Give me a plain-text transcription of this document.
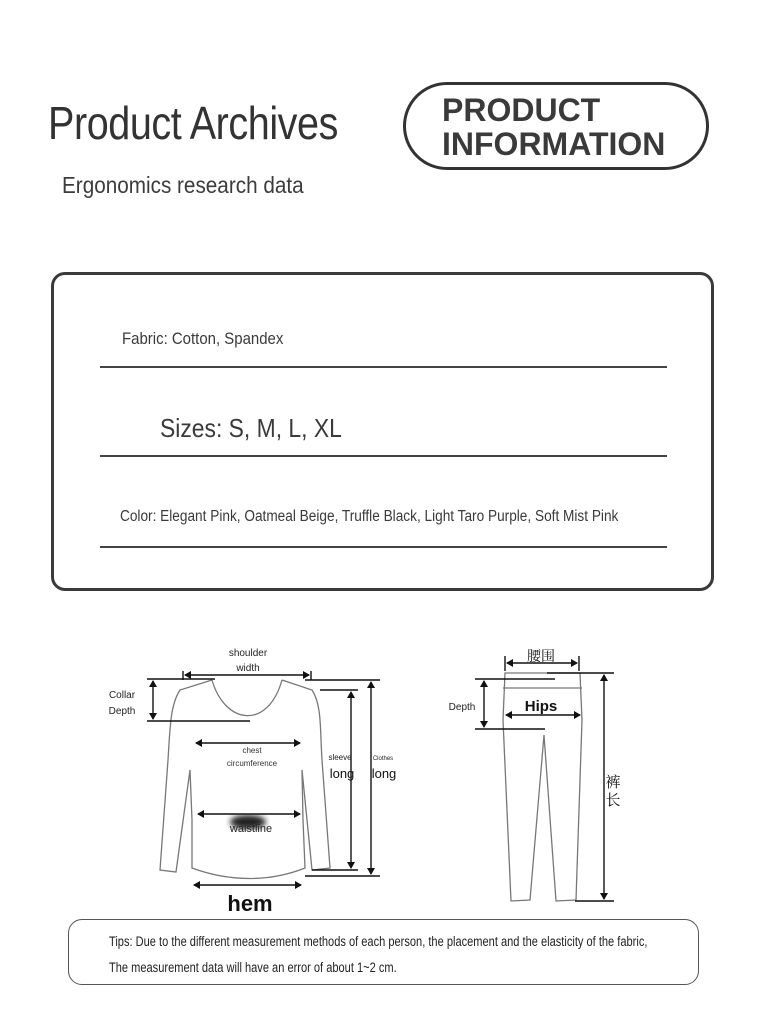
Product Archives
Ergonomics research data
PRODUCT
INFORMATION
Fabric: Cotton, Spandex
Sizes: S, M, L, XL
Color: Elegant Pink, Oatmeal Beige, Truffle Black, Light Taro Purple, Soft Mist Pink
shoulder
width
Collar
Depth
chest
circumference
waistline
hem
sleeve
long
Clothes
long
腰围
Depth	Hips
裤
长
Tips: Due to the different measurement methods of each person, the placement and the elasticity of the fabric,
The measurement data will have an error of about 1~2 cm.
